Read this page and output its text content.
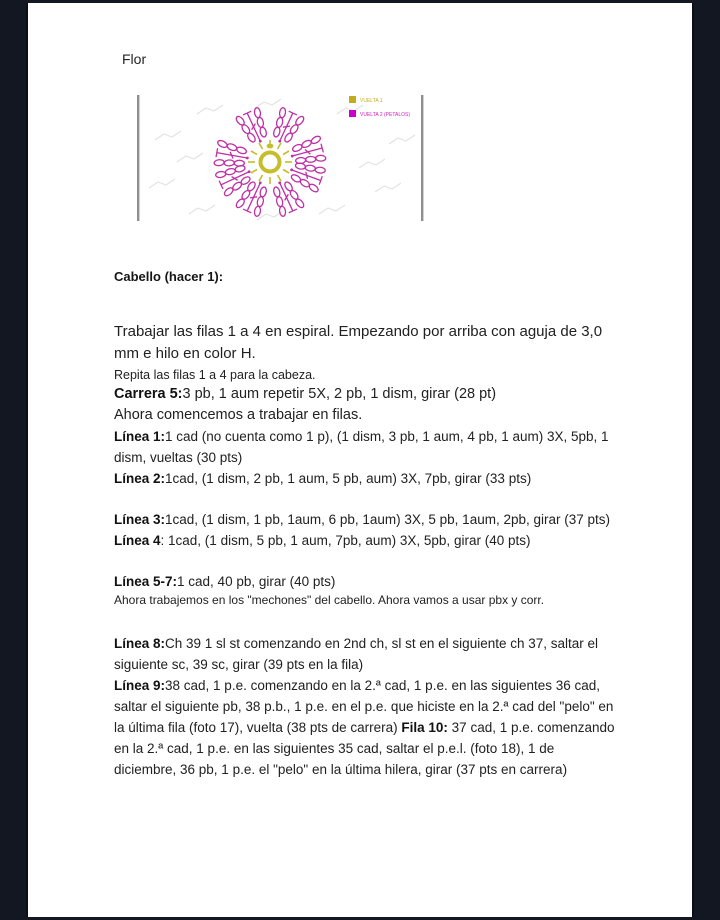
Flor
VUELTA 1
VUELTA 2 (PETALOS)

Cabello (hacer 1):

Trabajar las filas 1 a 4 en espiral. Empezando por arriba con aguja de 3,0 mm e hilo en color H.

Repita las filas 1 a 4 para la cabeza.

Carrera 5:3 pb, 1 aum repetir 5X, 2 pb, 1 dism, girar (28 pt)

Ahora comencemos a trabajar en filas.

Línea 1:1 cad (no cuenta como 1 p), (1 dism, 3 pb, 1 aum, 4 pb, 1 aum) 3X, 5pb, 1 dism, vueltas (30 pts)

Línea 2:1cad, (1 dism, 2 pb, 1 aum, 5 pb, aum) 3X, 7pb, girar (33 pts)

Línea 3:1cad, (1 dism, 1 pb, 1aum, 6 pb, 1aum) 3X, 5 pb, 1aum, 2pb, girar (37 pts)

Línea 4: 1cad, (1 dism, 5 pb, 1 aum, 7pb, aum) 3X, 5pb, girar (40 pts)

Línea 5-7:1 cad, 40 pb, girar (40 pts)

Ahora trabajemos en los "mechones" del cabello. Ahora vamos a usar pbx y corr.

Línea 8:Ch 39 1 sl st comenzando en 2nd ch, sl st en el siguiente ch 37, saltar el siguiente sc, 39 sc, girar (39 pts en la fila)

Línea 9:38 cad, 1 p.e. comenzando en la 2.ª cad, 1 p.e. en las siguientes 36 cad, saltar el siguiente pb, 38 p.b., 1 p.e. en el p.e. que hiciste en la 2.ª cad del "pelo" en la última fila (foto 17), vuelta (38 pts de carrera) Fila 10: 37 cad, 1 p.e. comenzando en la 2.ª cad, 1 p.e. en las siguientes 35 cad, saltar el p.e.l. (foto 18), 1 de diciembre, 36 pb, 1 p.e. el "pelo" en la última hilera, girar (37 pts en carrera)
